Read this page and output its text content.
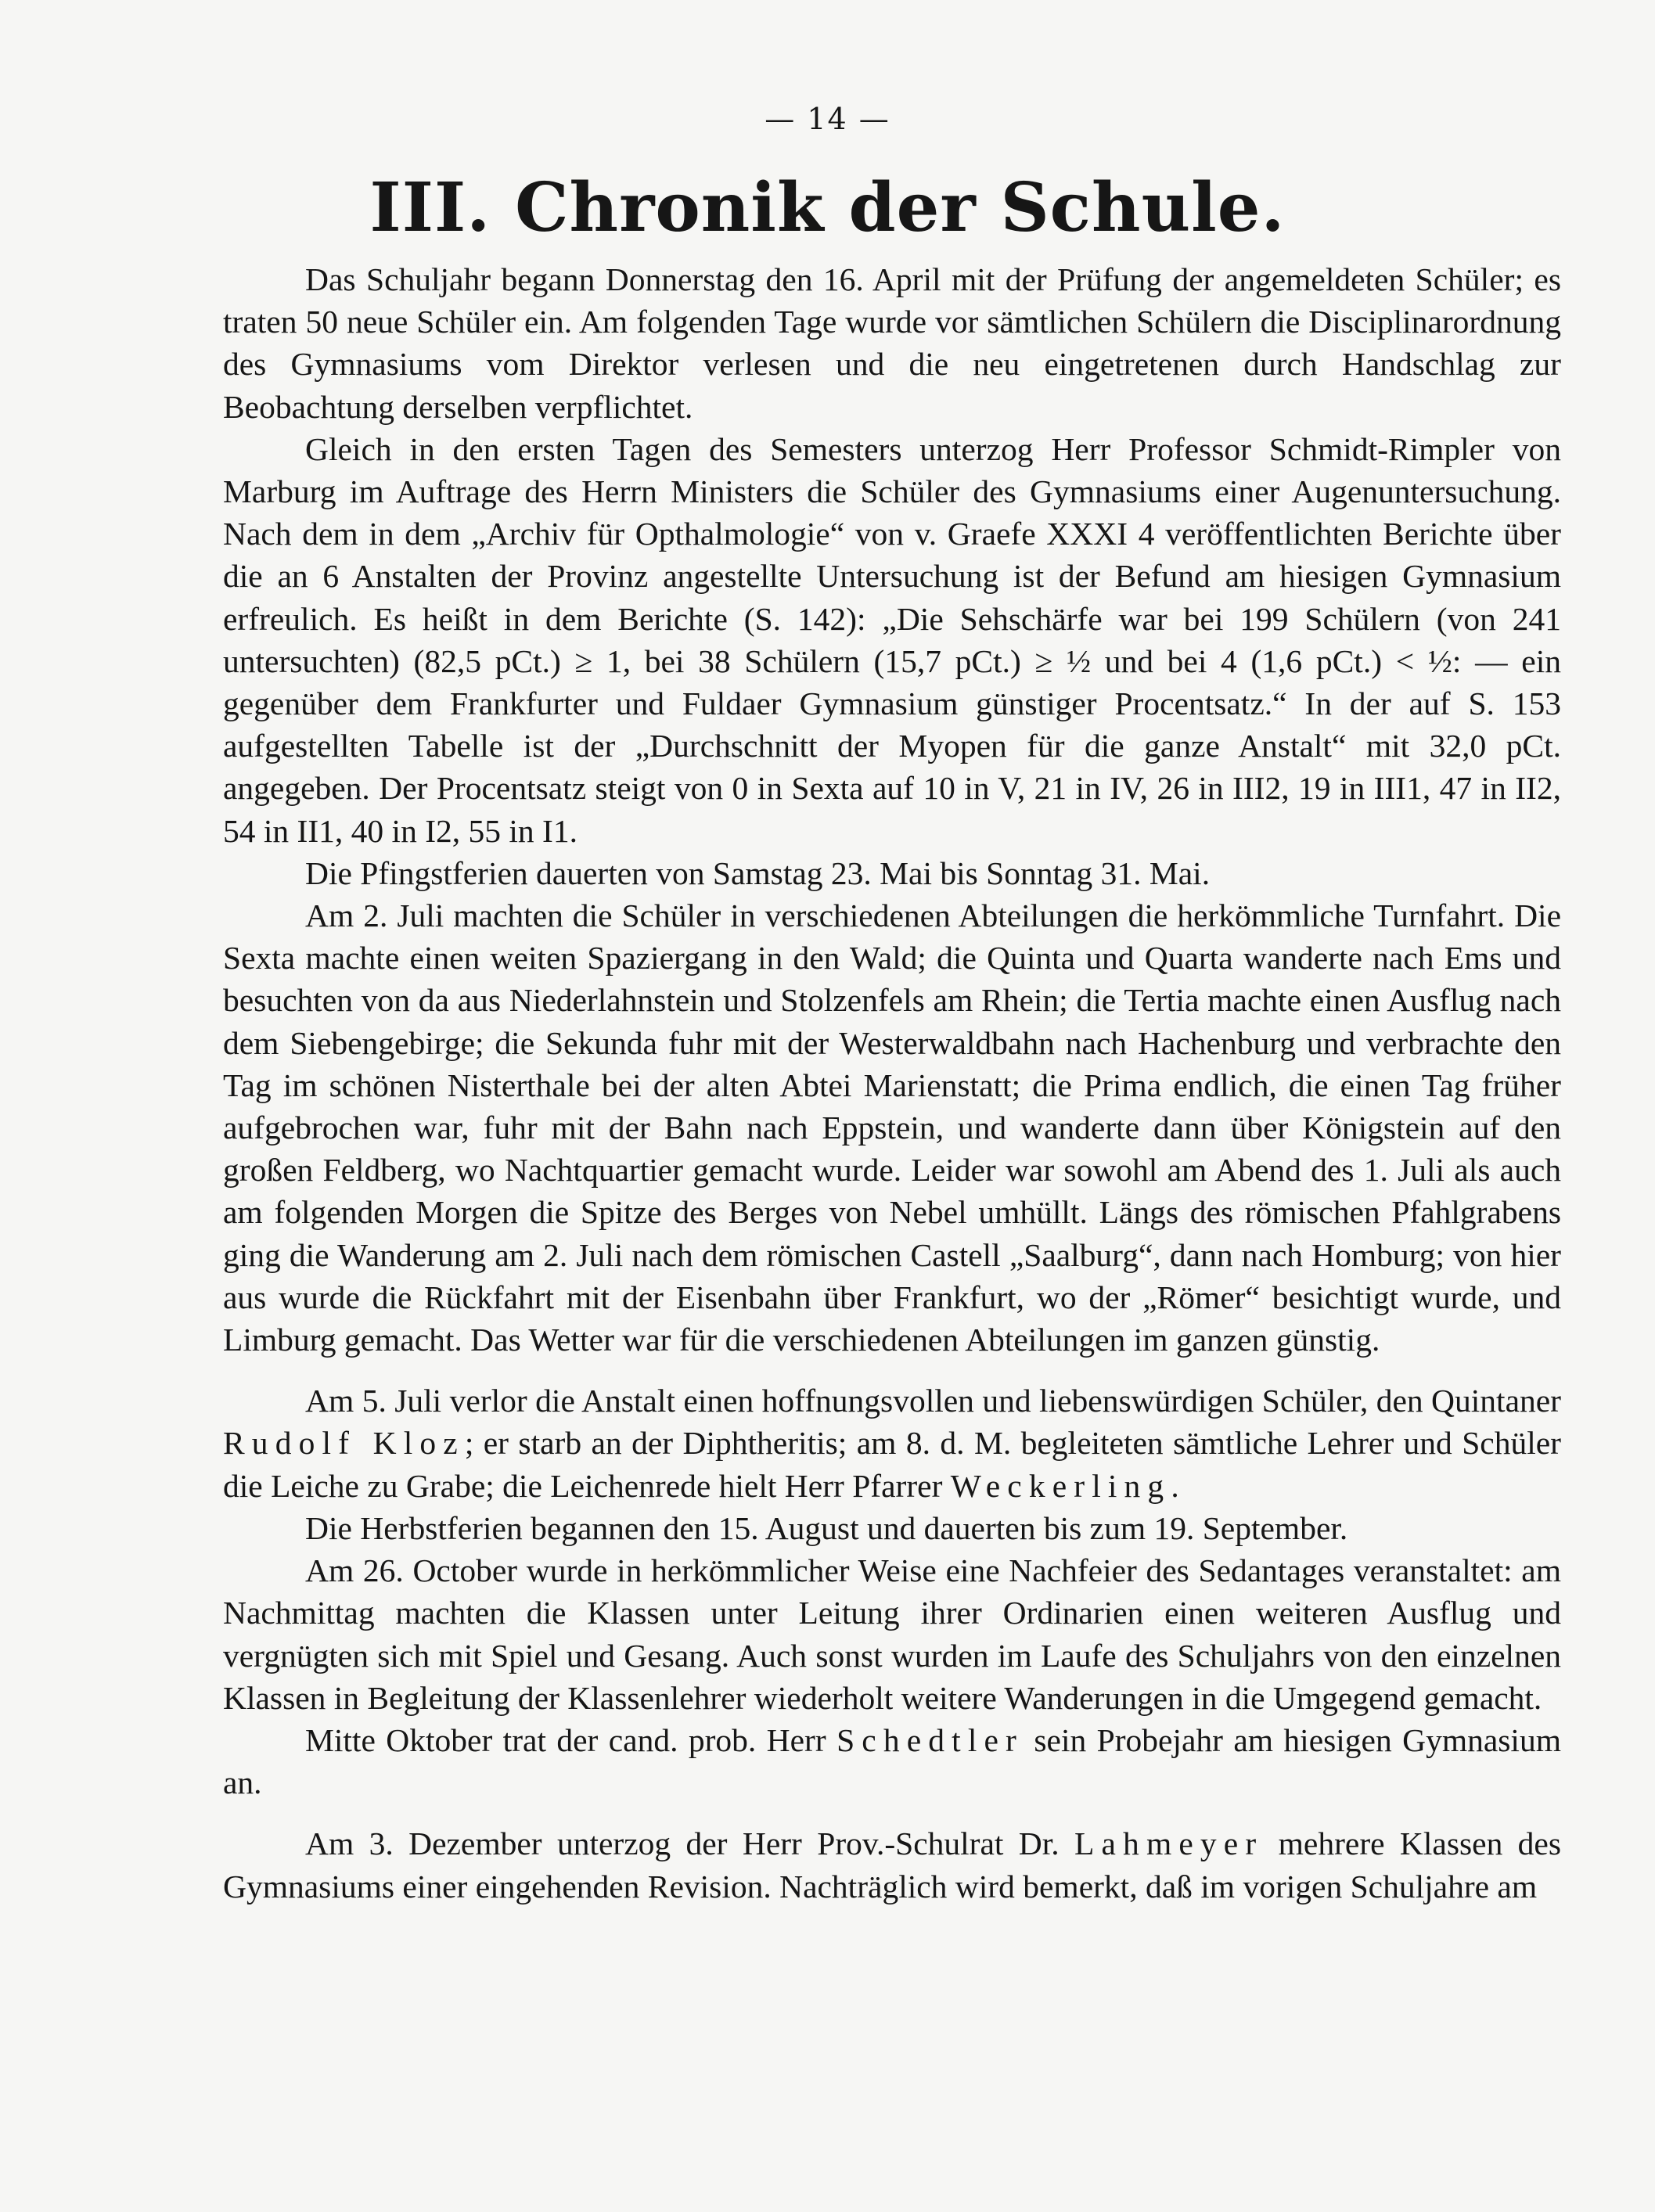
— 14 —
III. Chronik der Schule.

Das Schuljahr begann Donnerstag den 16. April mit der Prüfung der angemeldeten Schüler; es traten 50 neue Schüler ein. Am folgenden Tage wurde vor sämtlichen Schülern die Disciplinarordnung des Gymnasiums vom Direktor verlesen und die neu eingetretenen durch Handschlag zur Beobachtung derselben verpflichtet.

Gleich in den ersten Tagen des Semesters unterzog Herr Professor Schmidt-Rimpler von Marburg im Auftrage des Herrn Ministers die Schüler des Gymnasiums einer Augenuntersuchung. Nach dem in dem „Archiv für Opthalmologie“ von v. Graefe XXXI 4 veröffentlichten Berichte über die an 6 Anstalten der Provinz angestellte Untersuchung ist der Befund am hiesigen Gymnasium erfreulich. Es heißt in dem Berichte (S. 142): „Die Sehschärfe war bei 199 Schülern (von 241 untersuchten) (82,5 pCt.) ≥ 1, bei 38 Schülern (15,7 pCt.) ≥ ½ und bei 4 (1,6 pCt.) < ½: — ein gegenüber dem Frankfurter und Fuldaer Gymnasium günstiger Procentsatz.“ In der auf S. 153 aufgestellten Tabelle ist der „Durchschnitt der Myopen für die ganze Anstalt“ mit 32,0 pCt. angegeben. Der Procentsatz steigt von 0 in Sexta auf 10 in V, 21 in IV, 26 in III2, 19 in III1, 47 in II2, 54 in II1, 40 in I2, 55 in I1.

Die Pfingstferien dauerten von Samstag 23. Mai bis Sonntag 31. Mai.

Am 2. Juli machten die Schüler in verschiedenen Abteilungen die herkömmliche Turnfahrt. Die Sexta machte einen weiten Spaziergang in den Wald; die Quinta und Quarta wanderte nach Ems und besuchten von da aus Niederlahnstein und Stolzenfels am Rhein; die Tertia machte einen Ausflug nach dem Siebengebirge; die Sekunda fuhr mit der Westerwaldbahn nach Hachenburg und verbrachte den Tag im schönen Nisterthale bei der alten Abtei Marienstatt; die Prima endlich, die einen Tag früher aufgebrochen war, fuhr mit der Bahn nach Eppstein, und wanderte dann über Königstein auf den großen Feldberg, wo Nachtquartier gemacht wurde. Leider war sowohl am Abend des 1. Juli als auch am folgenden Morgen die Spitze des Berges von Nebel umhüllt. Längs des römischen Pfahlgrabens ging die Wanderung am 2. Juli nach dem römischen Castell „Saalburg“, dann nach Homburg; von hier aus wurde die Rückfahrt mit der Eisenbahn über Frankfurt, wo der „Römer“ besichtigt wurde, und Limburg gemacht. Das Wetter war für die verschiedenen Abteilungen im ganzen günstig.

Am 5. Juli verlor die Anstalt einen hoffnungsvollen und liebenswürdigen Schüler, den Quintaner Rudolf Kloz; er starb an der Diphtheritis; am 8. d. M. begleiteten sämtliche Lehrer und Schüler die Leiche zu Grabe; die Leichenrede hielt Herr Pfarrer Weckerling.

Die Herbstferien begannen den 15. August und dauerten bis zum 19. September.

Am 26. October wurde in herkömmlicher Weise eine Nachfeier des Sedantages veranstaltet: am Nachmittag machten die Klassen unter Leitung ihrer Ordinarien einen weiteren Ausflug und vergnügten sich mit Spiel und Gesang. Auch sonst wurden im Laufe des Schuljahrs von den einzelnen Klassen in Begleitung der Klassenlehrer wiederholt weitere Wanderungen in die Umgegend gemacht.

Mitte Oktober trat der cand. prob. Herr Schedtler sein Probejahr am hiesigen Gymnasium an.

Am 3. Dezember unterzog der Herr Prov.-Schulrat Dr. Lahmeyer mehrere Klassen des Gymnasiums einer eingehenden Revision. Nachträglich wird bemerkt, daß im vorigen Schuljahre am
